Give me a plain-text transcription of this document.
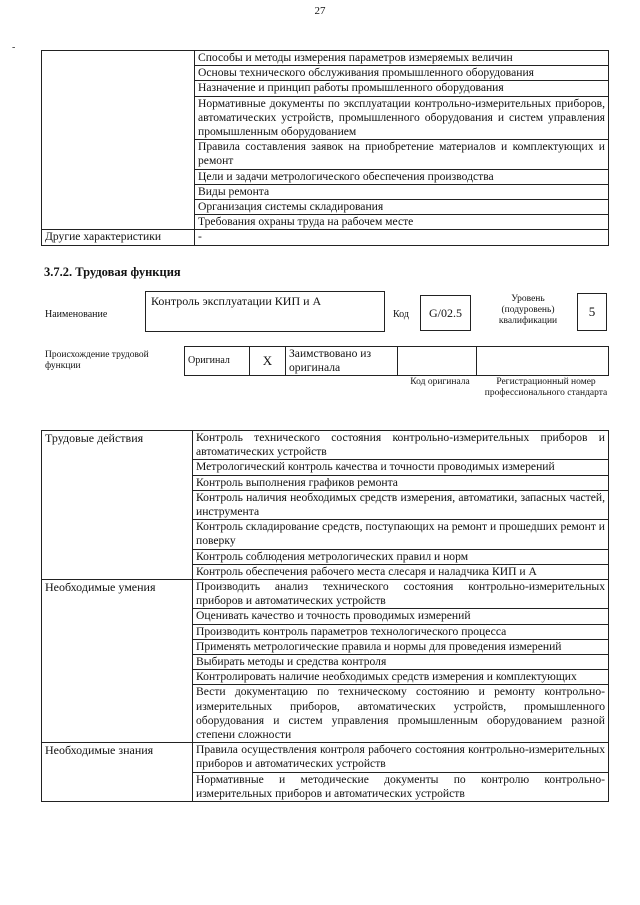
27
-
	Способы и методы измерения параметров измеряемых величин
	Основы технического обслуживания промышленного оборудования
	Назначение и принцип работы промышленного оборудования
	Нормативные документы по эксплуатации контрольно-измерительных приборов, автоматических устройств, промышленного оборудования и систем управления промышленным оборудованием
	Правила составления заявок на приобретение материалов и комплектующих и ремонт
	Цели и задачи метрологического обеспечения производства
	Виды ремонта
	Организация системы складирования
	Требования охраны труда на рабочем месте
Другие характеристики	-
3.7.2. Трудовая функция
Наименование
Контроль эксплуатации КИП и А
Код	G/02.5
Уровень (подуровень) квалификации
5
Происхождение трудовой функции	Оригинал	X	Заимствовано из оригинала		
Код оригинала	Регистрационный номер профессионального стандарта
Трудовые действия	Контроль технического состояния контрольно-измерительных приборов и автоматических устройств
	Метрологический контроль качества и точности проводимых измерений
	Контроль выполнения графиков ремонта
	Контроль наличия необходимых средств измерения, автоматики, запасных частей, инструмента
	Контроль складирование средств, поступающих на ремонт и прошедших ремонт и поверку
	Контроль соблюдения метрологических правил и норм
	Контроль обеспечения рабочего места слесаря и наладчика КИП и А
Необходимые умения	Производить анализ технического состояния контрольно-измерительных приборов и автоматических устройств
	Оценивать качество и точность проводимых измерений
	Производить контроль параметров технологического процесса
	Применять метрологические правила и нормы для проведения измерений
	Выбирать методы и средства контроля
	Контролировать наличие необходимых средств измерения и комплектующих
	Вести документацию по техническому состоянию и ремонту контрольно-измерительных приборов, автоматических устройств, промышленного оборудования и систем управления промышленным оборудованием разной степени сложности
Необходимые знания	Правила осуществления контроля рабочего состояния контрольно-измерительных приборов и автоматических устройств
	Нормативные и методические документы по контролю контрольно-измерительных приборов и автоматических устройств
